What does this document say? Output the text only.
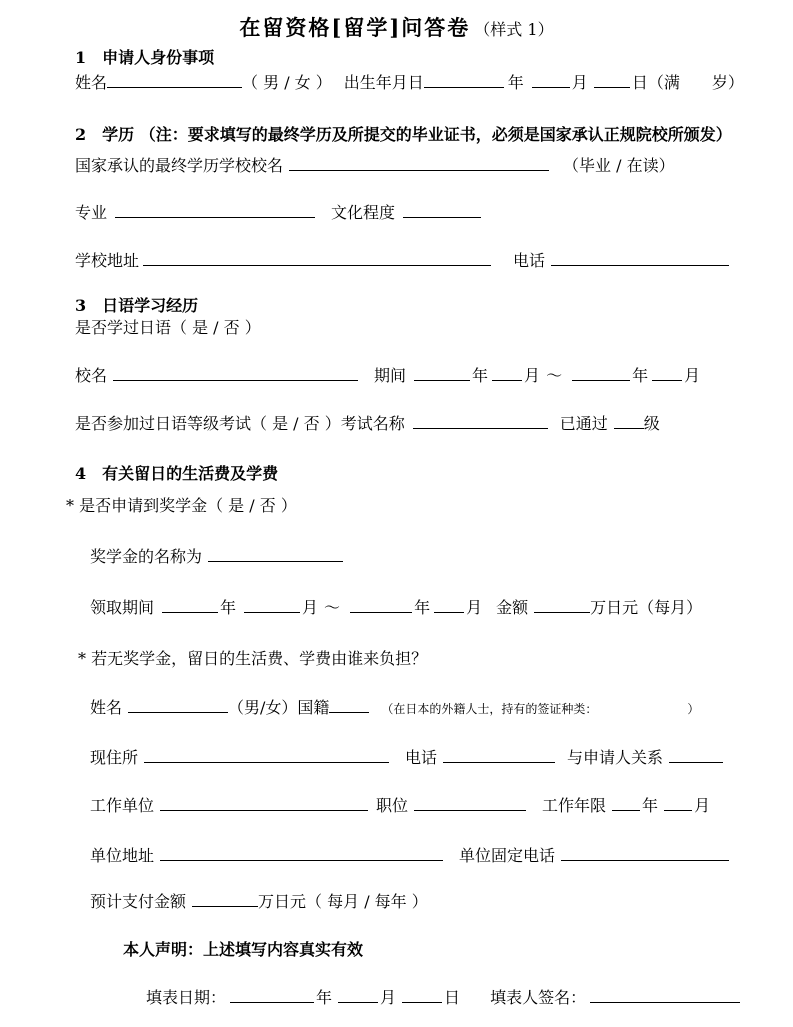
在留资格[留学]问答卷 （样式 1）
1　申请人身份事项
姓名	（ 男 / 女 ） 出生年月日	年	月	日（满　　岁）
2　学历 （注：要求填写的最终学历及所提交的毕业证书，必须是国家承认正规院校所颁发）
国家承认的最终学历学校校名	（毕业 / 在读）
专业	文化程度
学校地址	电话
3　日语学习经历
是否学过日语（ 是 / 否 ）
校名	期间	年 月 ～	年 月
是否参加过日语等级考试（ 是 / 否 ）考试名称	已通过 级
4　有关留日的生活费及学费
* 是否申请到奖学金（ 是 / 否 ）
奖学金的名称为
领取期间	年	月 ～	年 月 金额	万日元（每月）
* 若无奖学金，留日的生活费、学费由谁来负担？
姓名	（男/女）国籍	（在日本的外籍人士，持有的签证种类：　　　　　　　　）
现住所	电话	与申请人关系
工作单位	职位	工作年限 年 月
单位地址	单位固定电话
预计支付金额	万日元（ 每月 / 每年 ）
本人声明：上述填写内容真实有效
填表日期：	年	月	日 填表人签名：
